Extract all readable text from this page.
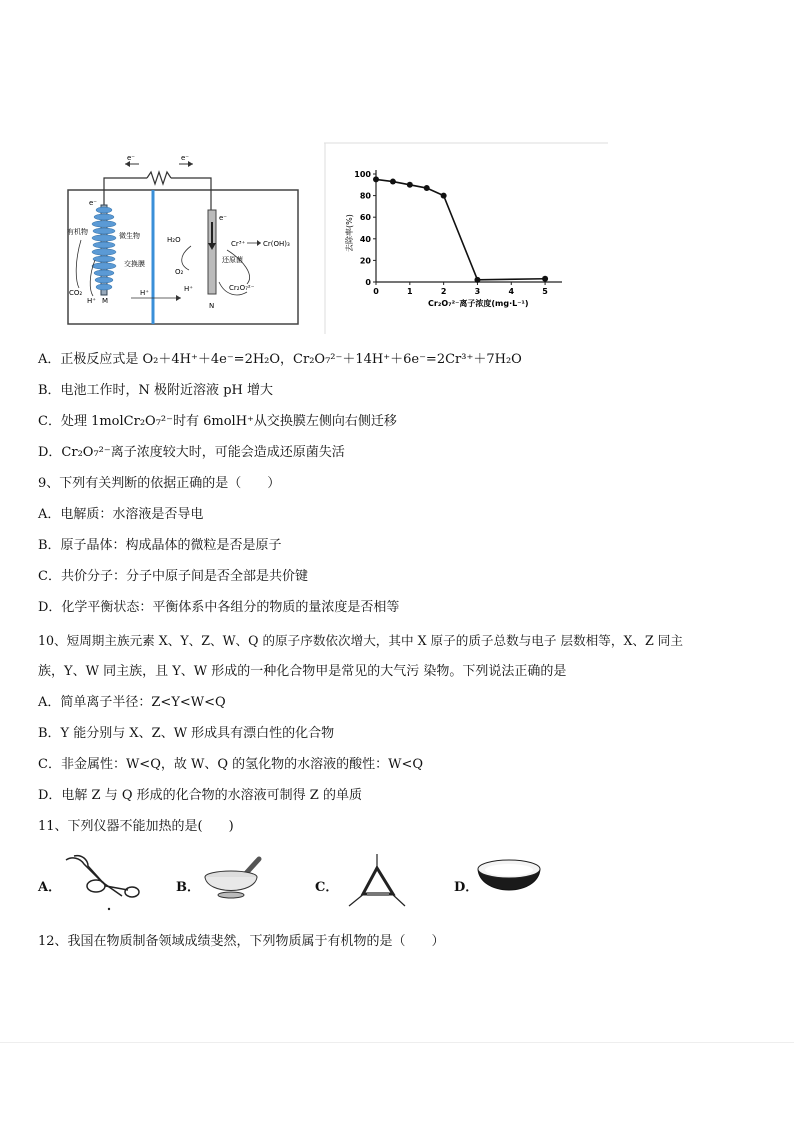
e⁻	e⁻
有机物	微生物
交换膜
CO₂
H⁺ M
e⁻
H⁺
H₂O
O₂
H⁺
N
e⁻
还原菌
Cr³⁺	Cr(OH)₃
Cr₂O₇²⁻
去除率(%)
Cr₂O₇²⁻离子浓度(mg·L⁻¹)
0	1	2	3	4	5
0
20
40
60
80
100
A．正极反应式是 O₂＋4H⁺＋4e⁻=2H₂O，Cr₂O₇²⁻＋14H⁺＋6e⁻=2Cr³⁺＋7H₂O
B．电池工作时，N 极附近溶液 pH 增大
C．处理 1molCr₂O₇²⁻时有 6molH⁺从交换膜左侧向右侧迁移
D．Cr₂O₇²⁻离子浓度较大时，可能会造成还原菌失活
9、下列有关判断的依据正确的是（　　）
A．电解质：水溶液是否导电
B．原子晶体：构成晶体的微粒是否是原子
C．共价分子：分子中原子间是否全部是共价键
D．化学平衡状态：平衡体系中各组分的物质的量浓度是否相等
10、短周期主族元素 X、Y、Z、W、Q 的原子序数依次增大，其中 X 原子的质子总数与电子 层数相等，X、Z 同主
族，Y、W 同主族，且 Y、W 形成的一种化合物甲是常见的大气污 染物。下列说法正确的是
A．简单离子半径：Z<Y<W<Q
B．Y 能分别与 X、Z、W 形成具有漂白性的化合物
C．非金属性：W<Q，故 W、Q 的氢化物的水溶液的酸性：W<Q
D．电解 Z 与 Q 形成的化合物的水溶液可制得 Z 的单质
11、下列仪器不能加热的是(　　)
A．	B．	C．	D．
12、我国在物质制备领域成绩斐然，下列物质属于有机物的是（　　）
